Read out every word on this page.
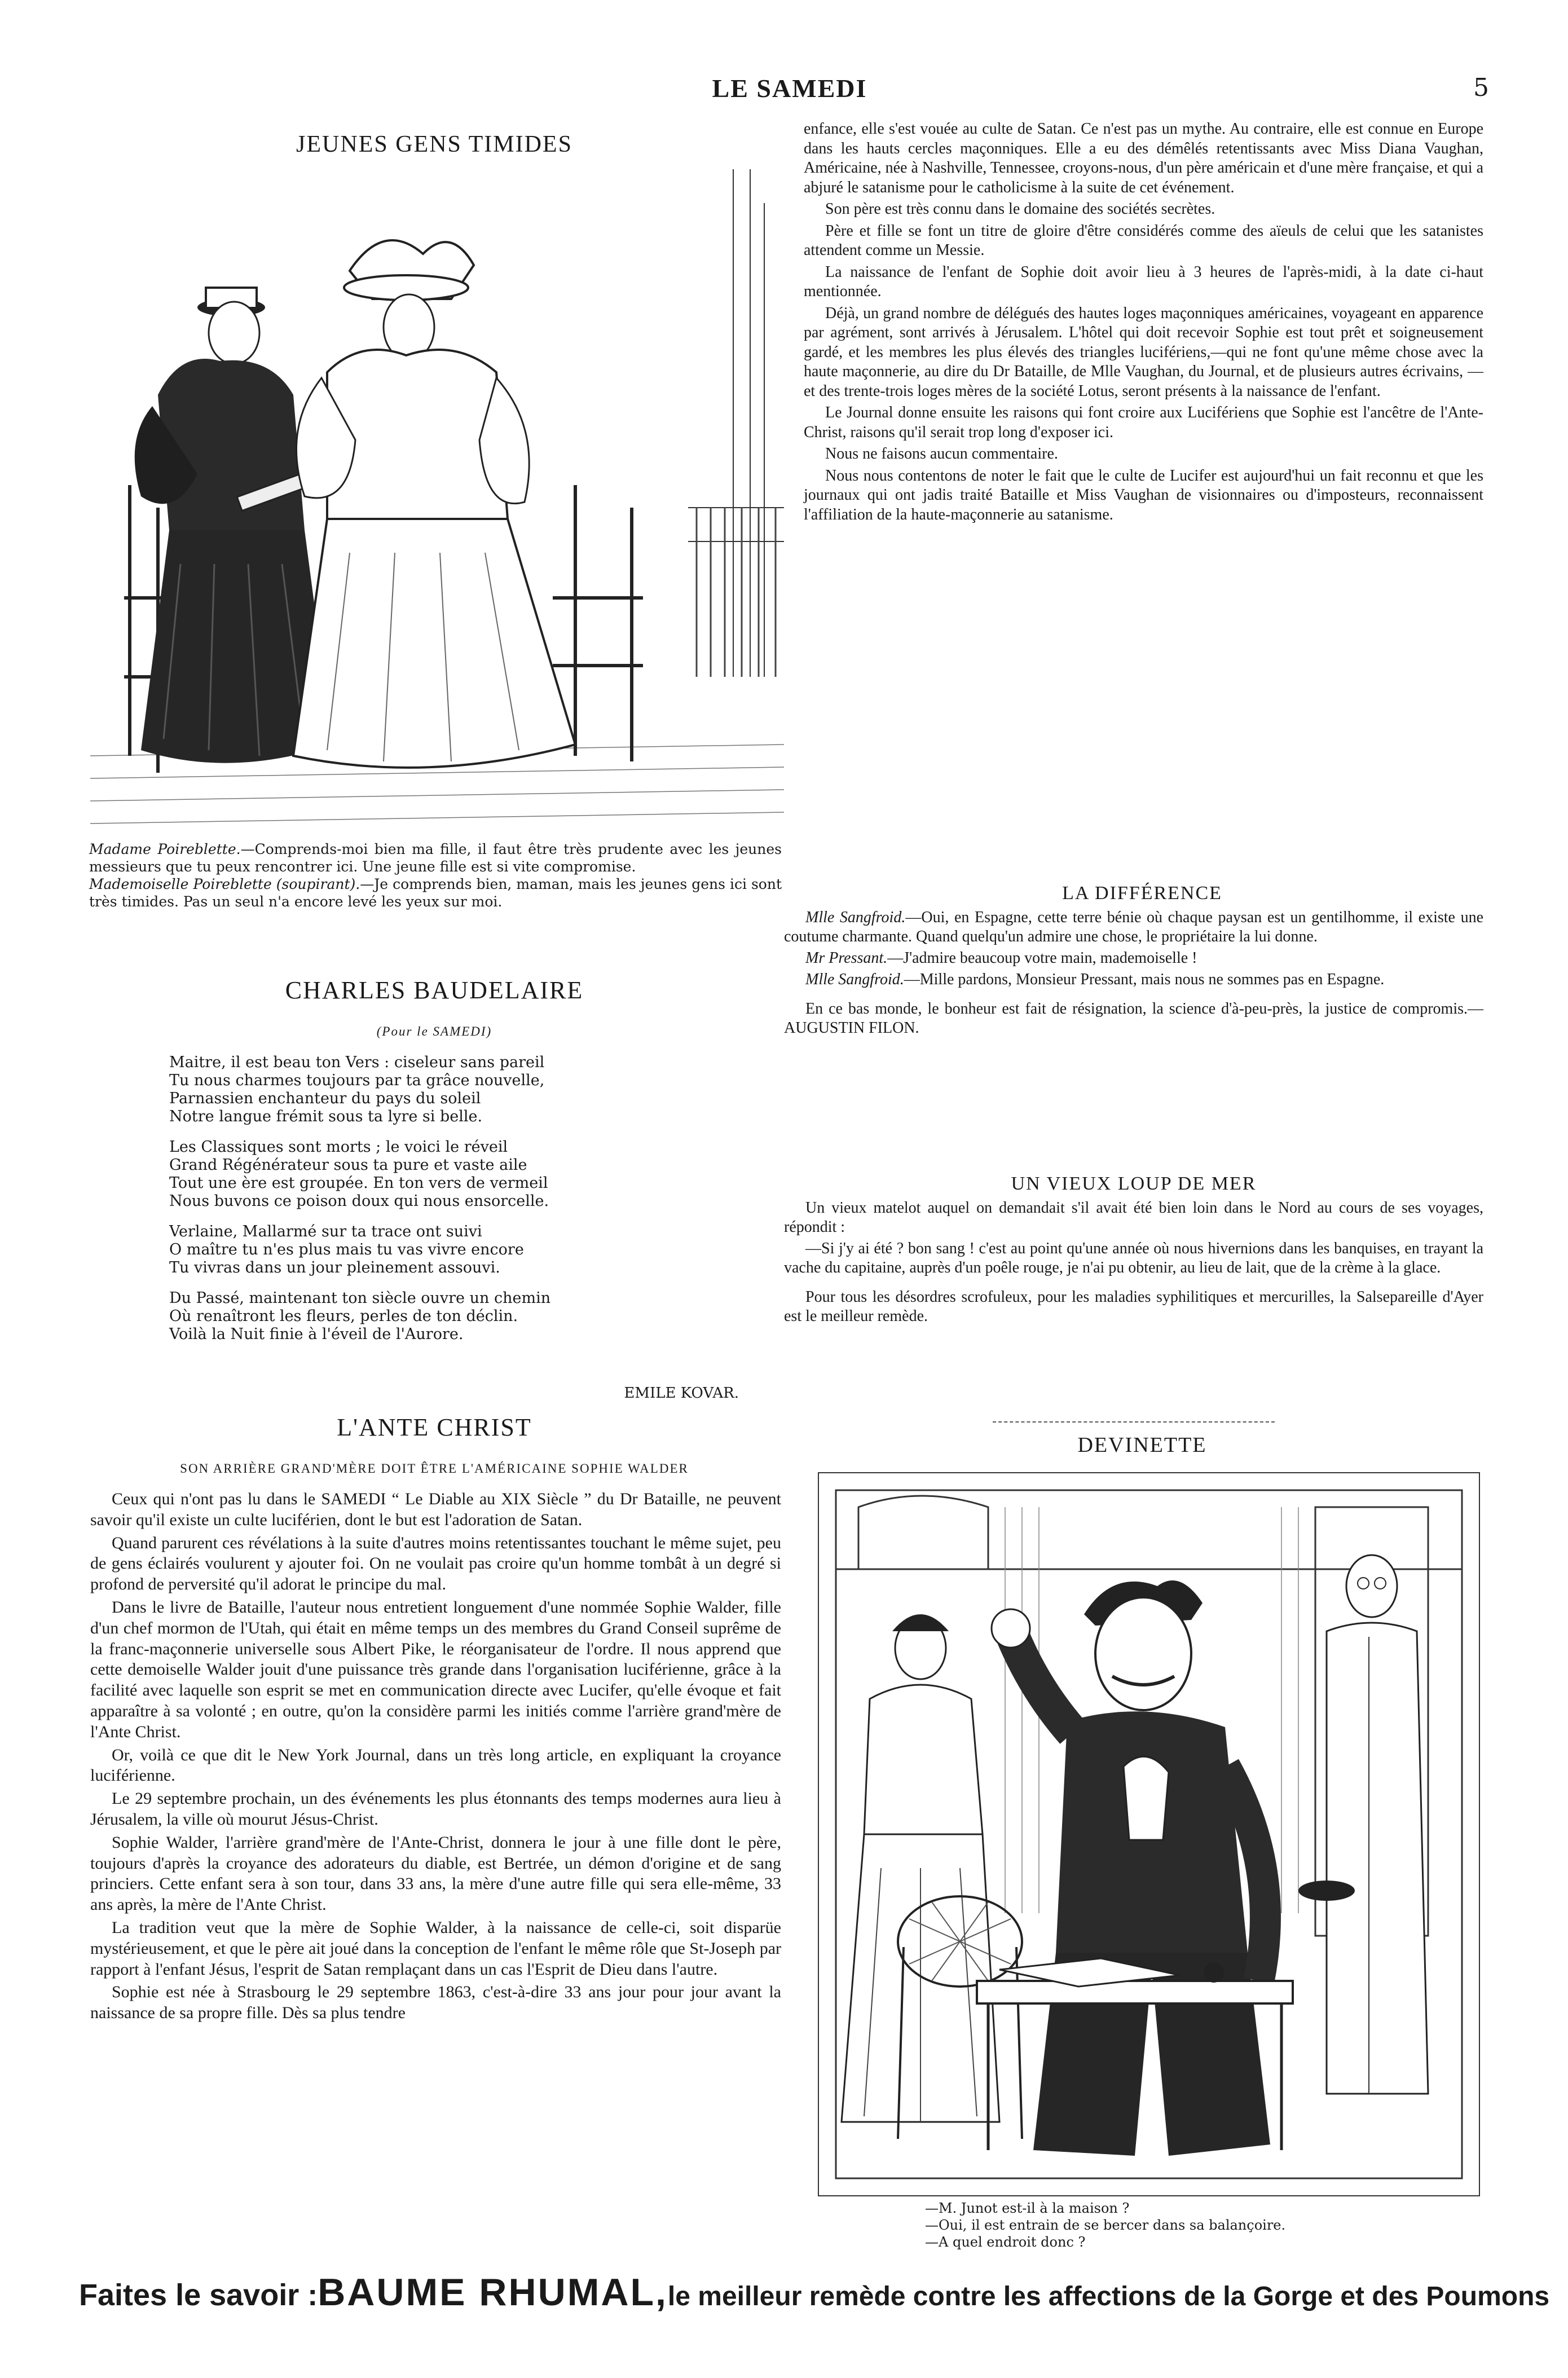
LE SAMEDI	5
JEUNES GENS TIMIDES
Madame Poireblette.—Comprends-moi bien ma fille, il faut être très prudente avec les jeunes messieurs que tu peux rencontrer ici. Une jeune fille est si vite compromise.
Mademoiselle Poireblette (soupirant).—Je comprends bien, maman, mais les jeunes gens ici sont très timides. Pas un seul n'a encore levé les yeux sur moi.
CHARLES BAUDELAIRE
(Pour le SAMEDI)
Maitre, il est beau ton Vers : ciseleur sans pareil
Tu nous charmes toujours par ta grâce nouvelle,
Parnassien enchanteur du pays du soleil
Notre langue frémit sous ta lyre si belle.
Les Classiques sont morts ; le voici le réveil
Grand Régénérateur sous ta pure et vaste aile
Tout une ère est groupée. En ton vers de vermeil
Nous buvons ce poison doux qui nous ensorcelle.
Verlaine, Mallarmé sur ta trace ont suivi
O maître tu n'es plus mais tu vas vivre encore
Tu vivras dans un jour pleinement assouvi.
Du Passé, maintenant ton siècle ouvre un chemin
Où renaîtront les fleurs, perles de ton déclin.
Voilà la Nuit finie à l'éveil de l'Aurore.
EMILE KOVAR.
L'ANTE CHRIST
SON ARRIÈRE GRAND'MÈRE DOIT ÊTRE L'AMÉRICAINE SOPHIE WALDER

Ceux qui n'ont pas lu dans le SAMEDI “ Le Diable au XIX Siècle ” du Dr Bataille, ne peuvent savoir qu'il existe un culte luciférien, dont le but est l'adoration de Satan.

Quand parurent ces révélations à la suite d'autres moins retentissantes touchant le même sujet, peu de gens éclairés voulurent y ajouter foi. On ne voulait pas croire qu'un homme tombât à un degré si profond de perversité qu'il adorat le principe du mal.

Dans le livre de Bataille, l'auteur nous entretient longuement d'une nommée Sophie Walder, fille d'un chef mormon de l'Utah, qui était en même temps un des membres du Grand Conseil suprême de la franc-maçonnerie universelle sous Albert Pike, le réorganisateur de l'ordre. Il nous apprend que cette demoiselle Walder jouit d'une puissance très grande dans l'organisation luciférienne, grâce à la facilité avec laquelle son esprit se met en communication directe avec Lucifer, qu'elle évoque et fait apparaître à sa volonté ; en outre, qu'on la considère parmi les initiés comme l'arrière grand'mère de l'Ante Christ.

Or, voilà ce que dit le New York Journal, dans un très long article, en expliquant la croyance luciférienne.

Le 29 septembre prochain, un des événements les plus étonnants des temps modernes aura lieu à Jérusalem, la ville où mourut Jésus-Christ.

Sophie Walder, l'arrière grand'mère de l'Ante-Christ, donnera le jour à une fille dont le père, toujours d'après la croyance des adorateurs du diable, est Bertrée, un démon d'origine et de sang princiers. Cette enfant sera à son tour, dans 33 ans, la mère d'une autre fille qui sera elle-même, 33 ans après, la mère de l'Ante Christ.

La tradition veut que la mère de Sophie Walder, à la naissance de celle-ci, soit disparüe mystérieusement, et que le père ait joué dans la conception de l'enfant le même rôle que St-Joseph par rapport à l'enfant Jésus, l'esprit de Satan remplaçant dans un cas l'Esprit de Dieu dans l'autre.

Sophie est née à Strasbourg le 29 septembre 1863, c'est-à-dire 33 ans jour pour jour avant la naissance de sa propre fille. Dès sa plus tendre

enfance, elle s'est vouée au culte de Satan. Ce n'est pas un mythe. Au contraire, elle est connue en Europe dans les hauts cercles maçonniques. Elle a eu des démêlés retentissants avec Miss Diana Vaughan, Américaine, née à Nashville, Tennessee, croyons-nous, d'un père américain et d'une mère française, et qui a abjuré le satanisme pour le catholicisme à la suite de cet événement.

Son père est très connu dans le domaine des sociétés secrètes.

Père et fille se font un titre de gloire d'être considérés comme des aïeuls de celui que les satanistes attendent comme un Messie.

La naissance de l'enfant de Sophie doit avoir lieu à 3 heures de l'après-midi, à la date ci-haut mentionnée.

Déjà, un grand nombre de délégués des hautes loges maçonniques américaines, voyageant en apparence par agrément, sont arrivés à Jérusalem. L'hôtel qui doit recevoir Sophie est tout prêt et soigneusement gardé, et les membres les plus élevés des triangles lucifériens,—qui ne font qu'une même chose avec la haute maçonnerie, au dire du Dr Bataille, de Mlle Vaughan, du Journal, et de plusieurs autres écrivains, — et des trente-trois loges mères de la société Lotus, seront présents à la naissance de l'enfant.

Le Journal donne ensuite les raisons qui font croire aux Lucifériens que Sophie est l'ancêtre de l'Ante-Christ, raisons qu'il serait trop long d'exposer ici.

Nous ne faisons aucun commentaire.

Nous nous contentons de noter le fait que le culte de Lucifer est aujourd'hui un fait reconnu et que les journaux qui ont jadis traité Bataille et Miss Vaughan de visionnaires ou d'imposteurs, reconnaissent l'affiliation de la haute-maçonnerie au satanisme.

LA DIFFÉRENCE

Mlle Sangfroid.—Oui, en Espagne, cette terre bénie où chaque paysan est un gentilhomme, il existe une coutume charmante. Quand quelqu'un admire une chose, le propriétaire la lui donne.

Mr Pressant.—J'admire beaucoup votre main, mademoiselle !

Mlle Sangfroid.—Mille pardons, Monsieur Pressant, mais nous ne sommes pas en Espagne.

En ce bas monde, le bonheur est fait de résignation, la science d'à-peu-près, la justice de compromis.—AUGUSTIN FILON.

UN VIEUX LOUP DE MER

Un vieux matelot auquel on demandait s'il avait été bien loin dans le Nord au cours de ses voyages, répondit :

—Si j'y ai été ? bon sang ! c'est au point qu'une année où nous hivernions dans les banquises, en trayant la vache du capitaine, auprès d'un poêle rouge, je n'ai pu obtenir, au lieu de lait, que de la crème à la glace.

Pour tous les désordres scrofuleux, pour les maladies syphilitiques et mercurilles, la Salsepareille d'Ayer est le meilleur remède.

DEVINETTE
—M. Junot est-il à la maison ?
—Oui, il est entrain de se bercer dans sa balançoire.
—A quel endroit donc ?
Faites le savoir : BAUME RHUMAL, le meilleur remède contre les affections de la Gorge et des Poumons
